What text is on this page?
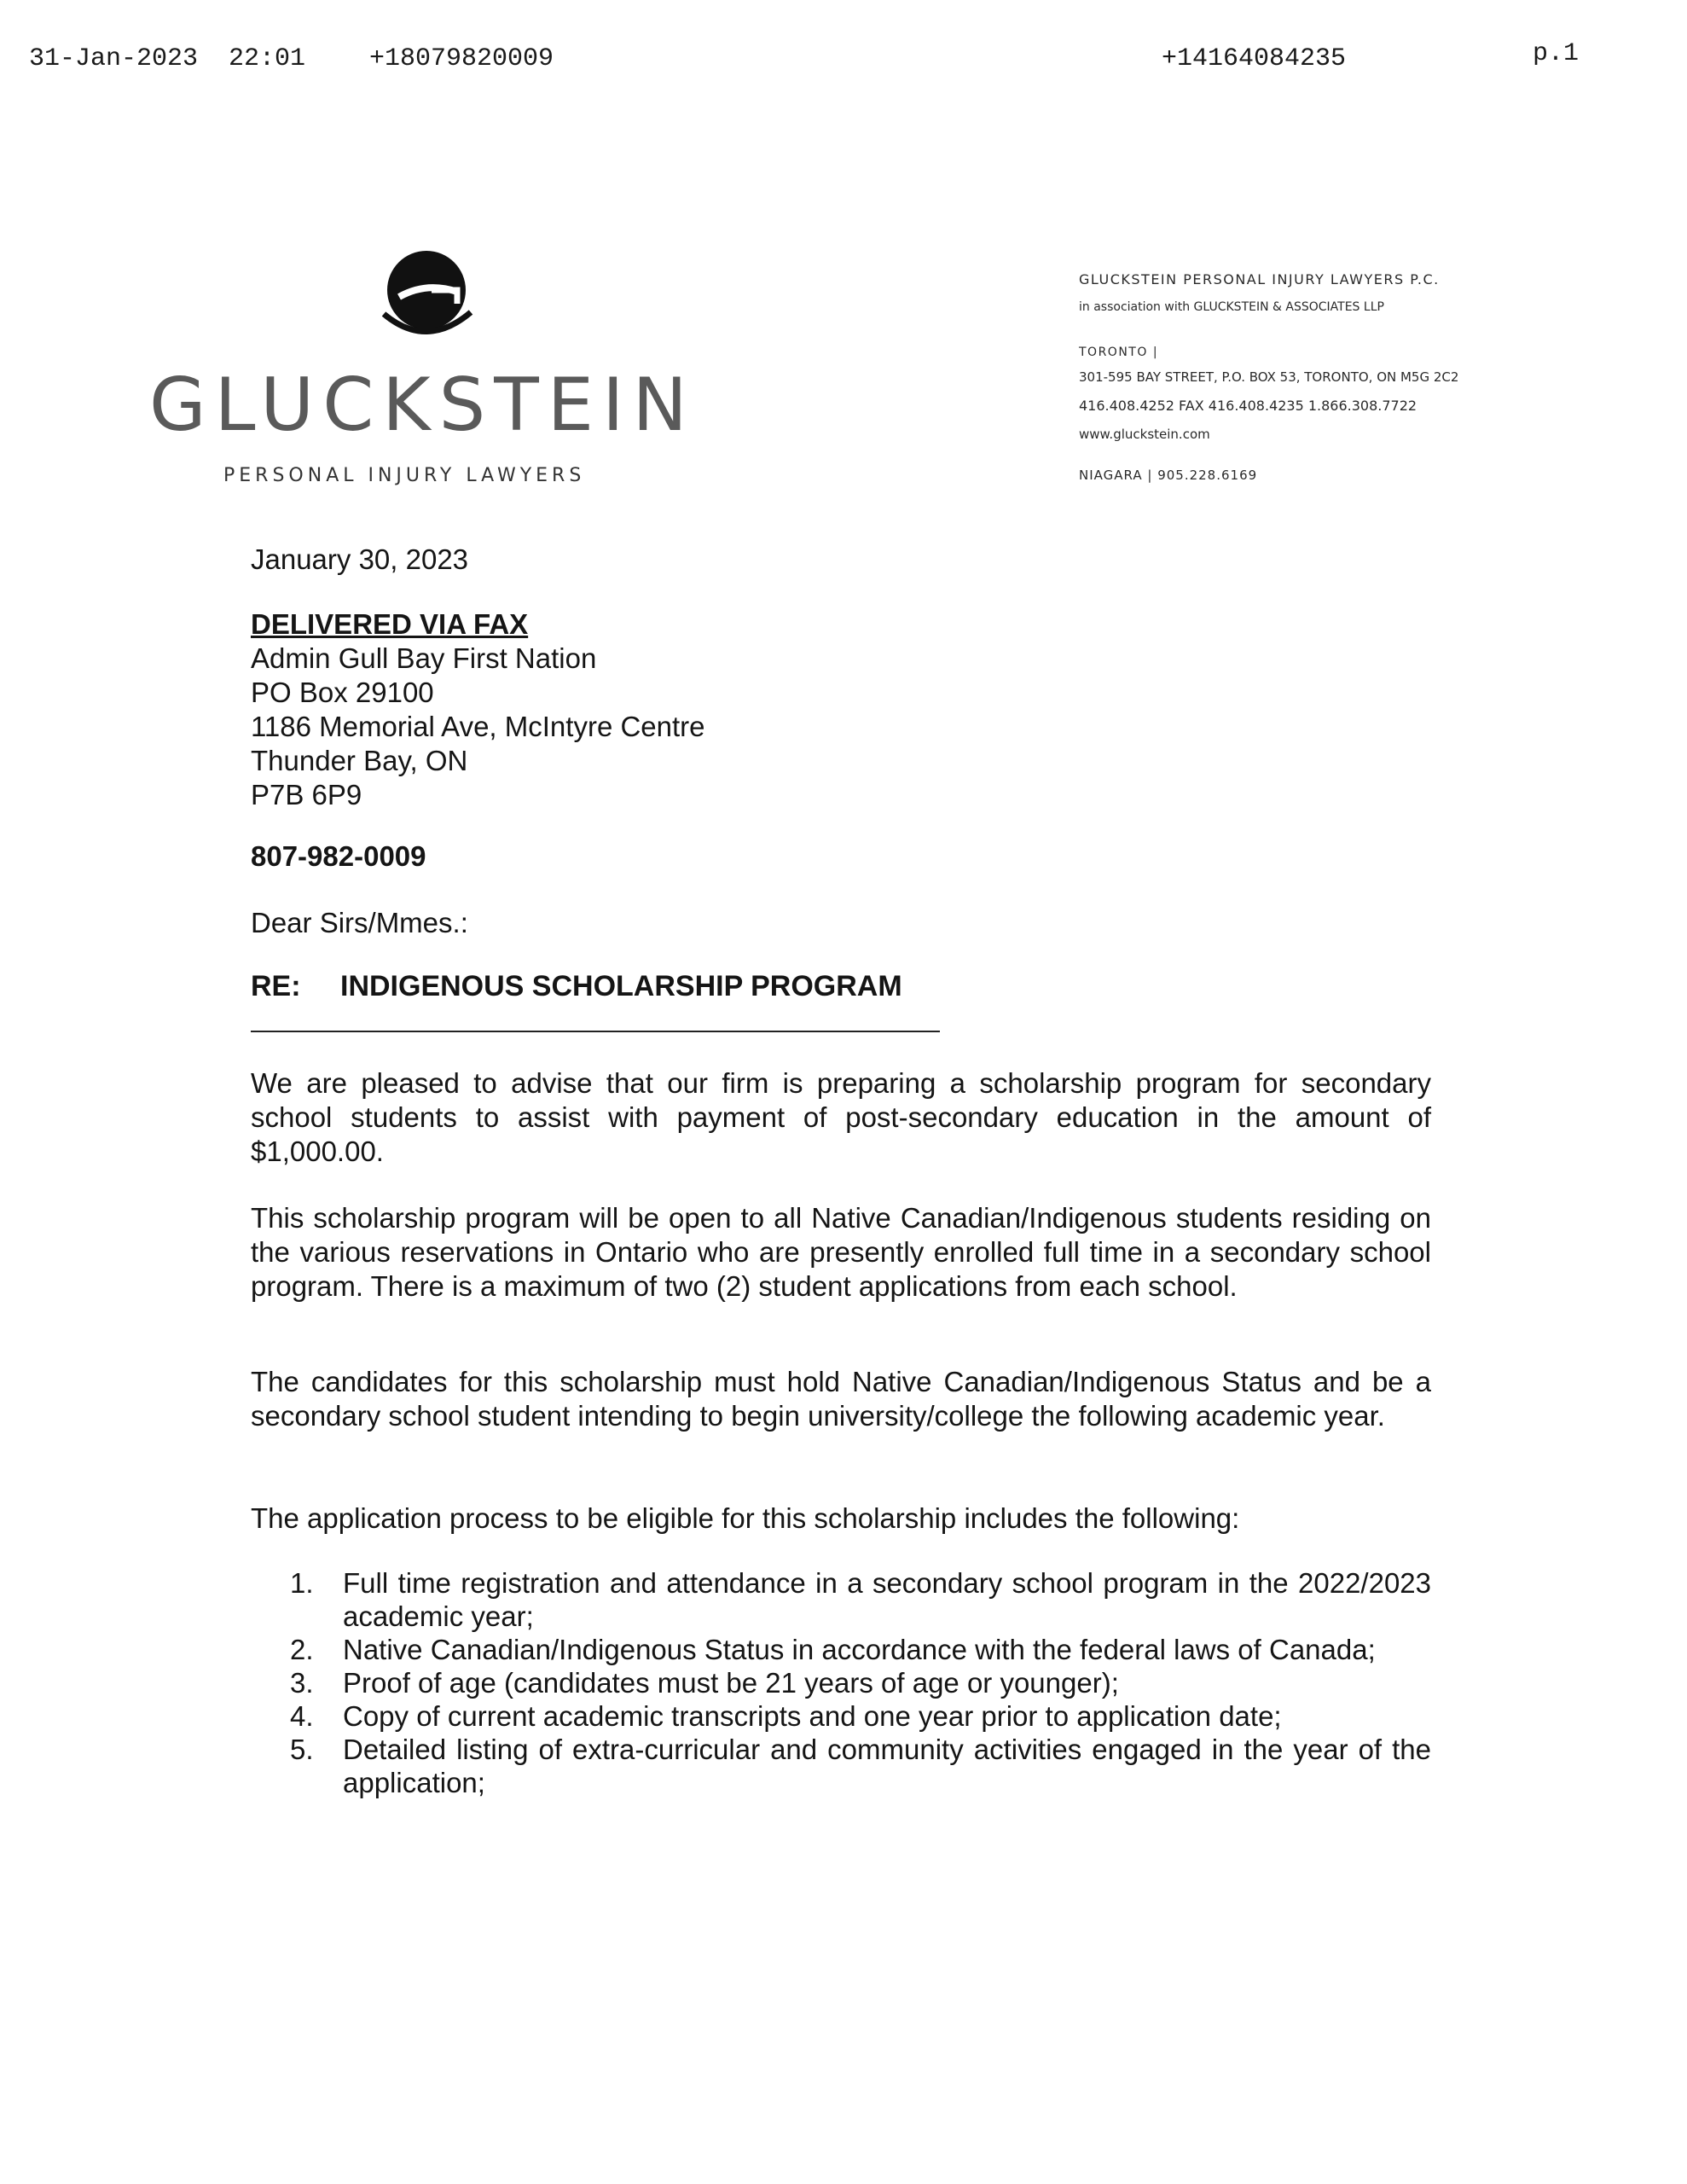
31-Jan-2023 22:01 +18079820009	+14164084235	p.1
GLUCKSTEIN
PERSONAL INJURY LAWYERS
GLUCKSTEIN PERSONAL INJURY LAWYERS P.C.
in association with GLUCKSTEIN & ASSOCIATES LLP
TORONTO |
301-595 BAY STREET, P.O. BOX 53, TORONTO, ON M5G 2C2
416.408.4252 FAX 416.408.4235 1.866.308.7722
www.gluckstein.com
NIAGARA | 905.228.6169
January 30, 2023
DELIVERED VIA FAX
Admin Gull Bay First Nation
PO Box 29100
1186 Memorial Ave, McIntyre Centre
Thunder Bay, ON
P7B 6P9
807-982-0009
Dear Sirs/Mmes.:
RE: INDIGENOUS SCHOLARSHIP PROGRAM
We are pleased to advise that our firm is preparing a scholarship program for secondary school students to assist with payment of post-secondary education in the amount of $1,000.00.
This scholarship program will be open to all Native Canadian/Indigenous students residing on the various reservations in Ontario who are presently enrolled full time in a secondary school program. There is a maximum of two (2) student applications from each school.
The candidates for this scholarship must hold Native Canadian/Indigenous Status and be a secondary school student intending to begin university/college the following academic year.
The application process to be eligible for this scholarship includes the following:
1. Full time registration and attendance in a secondary school program in the 2022/2023 academic year;
2. Native Canadian/Indigenous Status in accordance with the federal laws of Canada;
3. Proof of age (candidates must be 21 years of age or younger);
4. Copy of current academic transcripts and one year prior to application date;
5. Detailed listing of extra-curricular and community activities engaged in the year of the application;
